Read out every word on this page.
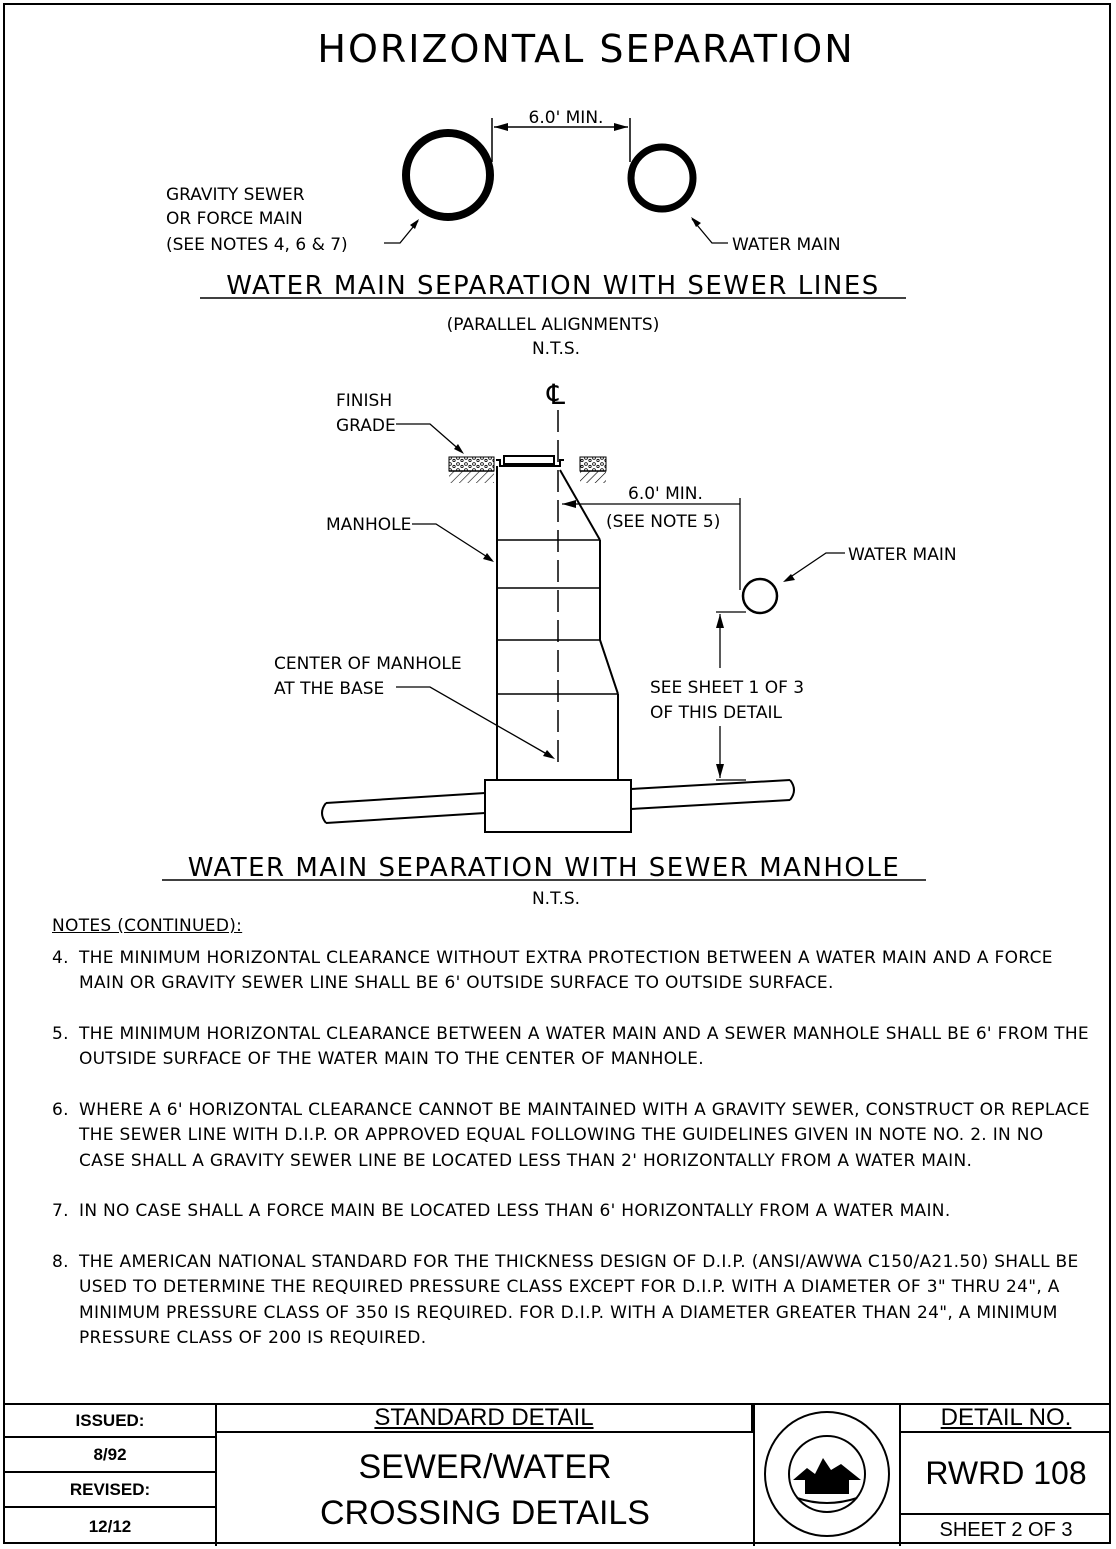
HORIZONTAL SEPARATION
6.0' MIN.
GRAVITY SEWER
OR FORCE MAIN
(SEE NOTES 4, 6 & 7)	WATER MAIN
WATER MAIN SEPARATION WITH SEWER LINES
(PARALLEL ALIGNMENTS)
N.T.S.
℄
FINISH
GRADE
MANHOLE
6.0' MIN.
(SEE NOTE 5)
WATER MAIN
SEE SHEET 1 OF 3
OF THIS DETAIL
CENTER OF MANHOLE
AT THE BASE
WATER MAIN SEPARATION WITH SEWER MANHOLE
N.T.S.
NOTES (CONTINUED):
4. THE MINIMUM HORIZONTAL CLEARANCE WITHOUT EXTRA PROTECTION BETWEEN A WATER MAIN AND A FORCE MAIN OR GRAVITY SEWER LINE SHALL BE 6' OUTSIDE SURFACE TO OUTSIDE SURFACE.
5. THE MINIMUM HORIZONTAL CLEARANCE BETWEEN A WATER MAIN AND A SEWER MANHOLE SHALL BE 6' FROM THE OUTSIDE SURFACE OF THE WATER MAIN TO THE CENTER OF MANHOLE.
6. WHERE A 6' HORIZONTAL CLEARANCE CANNOT BE MAINTAINED WITH A GRAVITY SEWER, CONSTRUCT OR REPLACE THE SEWER LINE WITH D.I.P. OR APPROVED EQUAL FOLLOWING THE GUIDELINES GIVEN IN NOTE NO. 2. IN NO CASE SHALL A GRAVITY SEWER LINE BE LOCATED LESS THAN 2' HORIZONTALLY FROM A WATER MAIN.
7. IN NO CASE SHALL A FORCE MAIN BE LOCATED LESS THAN 6' HORIZONTALLY FROM A WATER MAIN.
8. THE AMERICAN NATIONAL STANDARD FOR THE THICKNESS DESIGN OF D.I.P. (ANSI/AWWA C150/A21.50) SHALL BE USED TO DETERMINE THE REQUIRED PRESSURE CLASS EXCEPT FOR D.I.P. WITH A DIAMETER OF 3" THRU 24", A MINIMUM PRESSURE CLASS OF 350 IS REQUIRED. FOR D.I.P. WITH A DIAMETER GREATER THAN 24", A MINIMUM PRESSURE CLASS OF 200 IS REQUIRED.
ISSUED:
8/92
REVISED:
12/12
STANDARD DETAIL
SEWER/WATER
CROSSING DETAILS
DETAIL NO.
RWRD 108
SHEET 2 OF 3
